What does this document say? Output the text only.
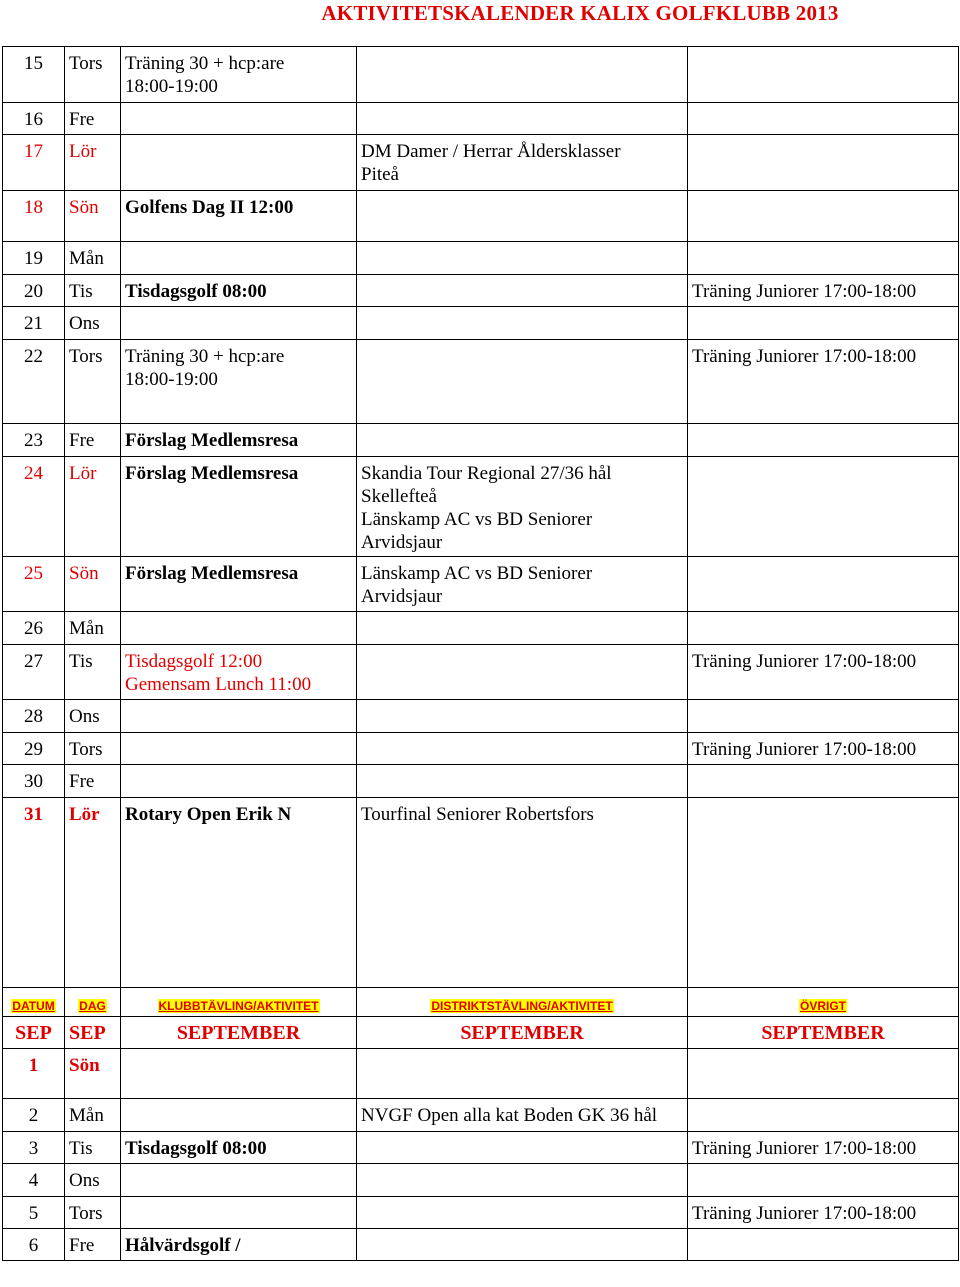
AKTIVITETSKALENDER KALIX GOLFKLUBB 2013
15	Tors	Träning 30 + hcp:are
18:00-19:00		

16	Fre	

17	Lör		DM Damer / Herrar Åldersklasser
Piteå	

18	Sön	Golfens Dag II 12:00		

19	Mån	

20	Tis	Tisdagsgolf 08:00		Träning Juniorer 17:00-18:00

21	Ons	

22	Tors	Träning 30 + hcp:are
18:00-19:00		Träning Juniorer 17:00-18:00

23	Fre	Förslag Medlemsresa		

24	Lör	Förslag Medlemsresa	Skandia Tour Regional 27/36 hål
Skellefteå
Länskamp AC vs BD Seniorer
Arvidsjaur	

25	Sön	Förslag Medlemsresa	Länskamp AC vs BD Seniorer
Arvidsjaur	

26	Mån	

27	Tis	Tisdagsgolf 12:00
Gemensam Lunch 11:00		Träning Juniorer 17:00-18:00

28	Ons	

29	Tors			Träning Juniorer 17:00-18:00

30	Fre	

31	Lör	Rotary Open Erik N	Tourfinal Seniorer Robertsfors	

DATUM	DAG	KLUBBTÄVLING/AKTIVITET	DISTRIKTSTÄVLING/AKTIVITET	ÖVRIGT
SEP	SEP	SEPTEMBER	SEPTEMBER	SEPTEMBER
1	Sön			
2	Mån		NVGF Open alla kat Boden GK 36 hål	
3	Tis	Tisdagsgolf 08:00		Träning Juniorer 17:00-18:00
4	Ons			
5	Tors			Träning Juniorer 17:00-18:00
6	Fre	Hålvärdsgolf /		
